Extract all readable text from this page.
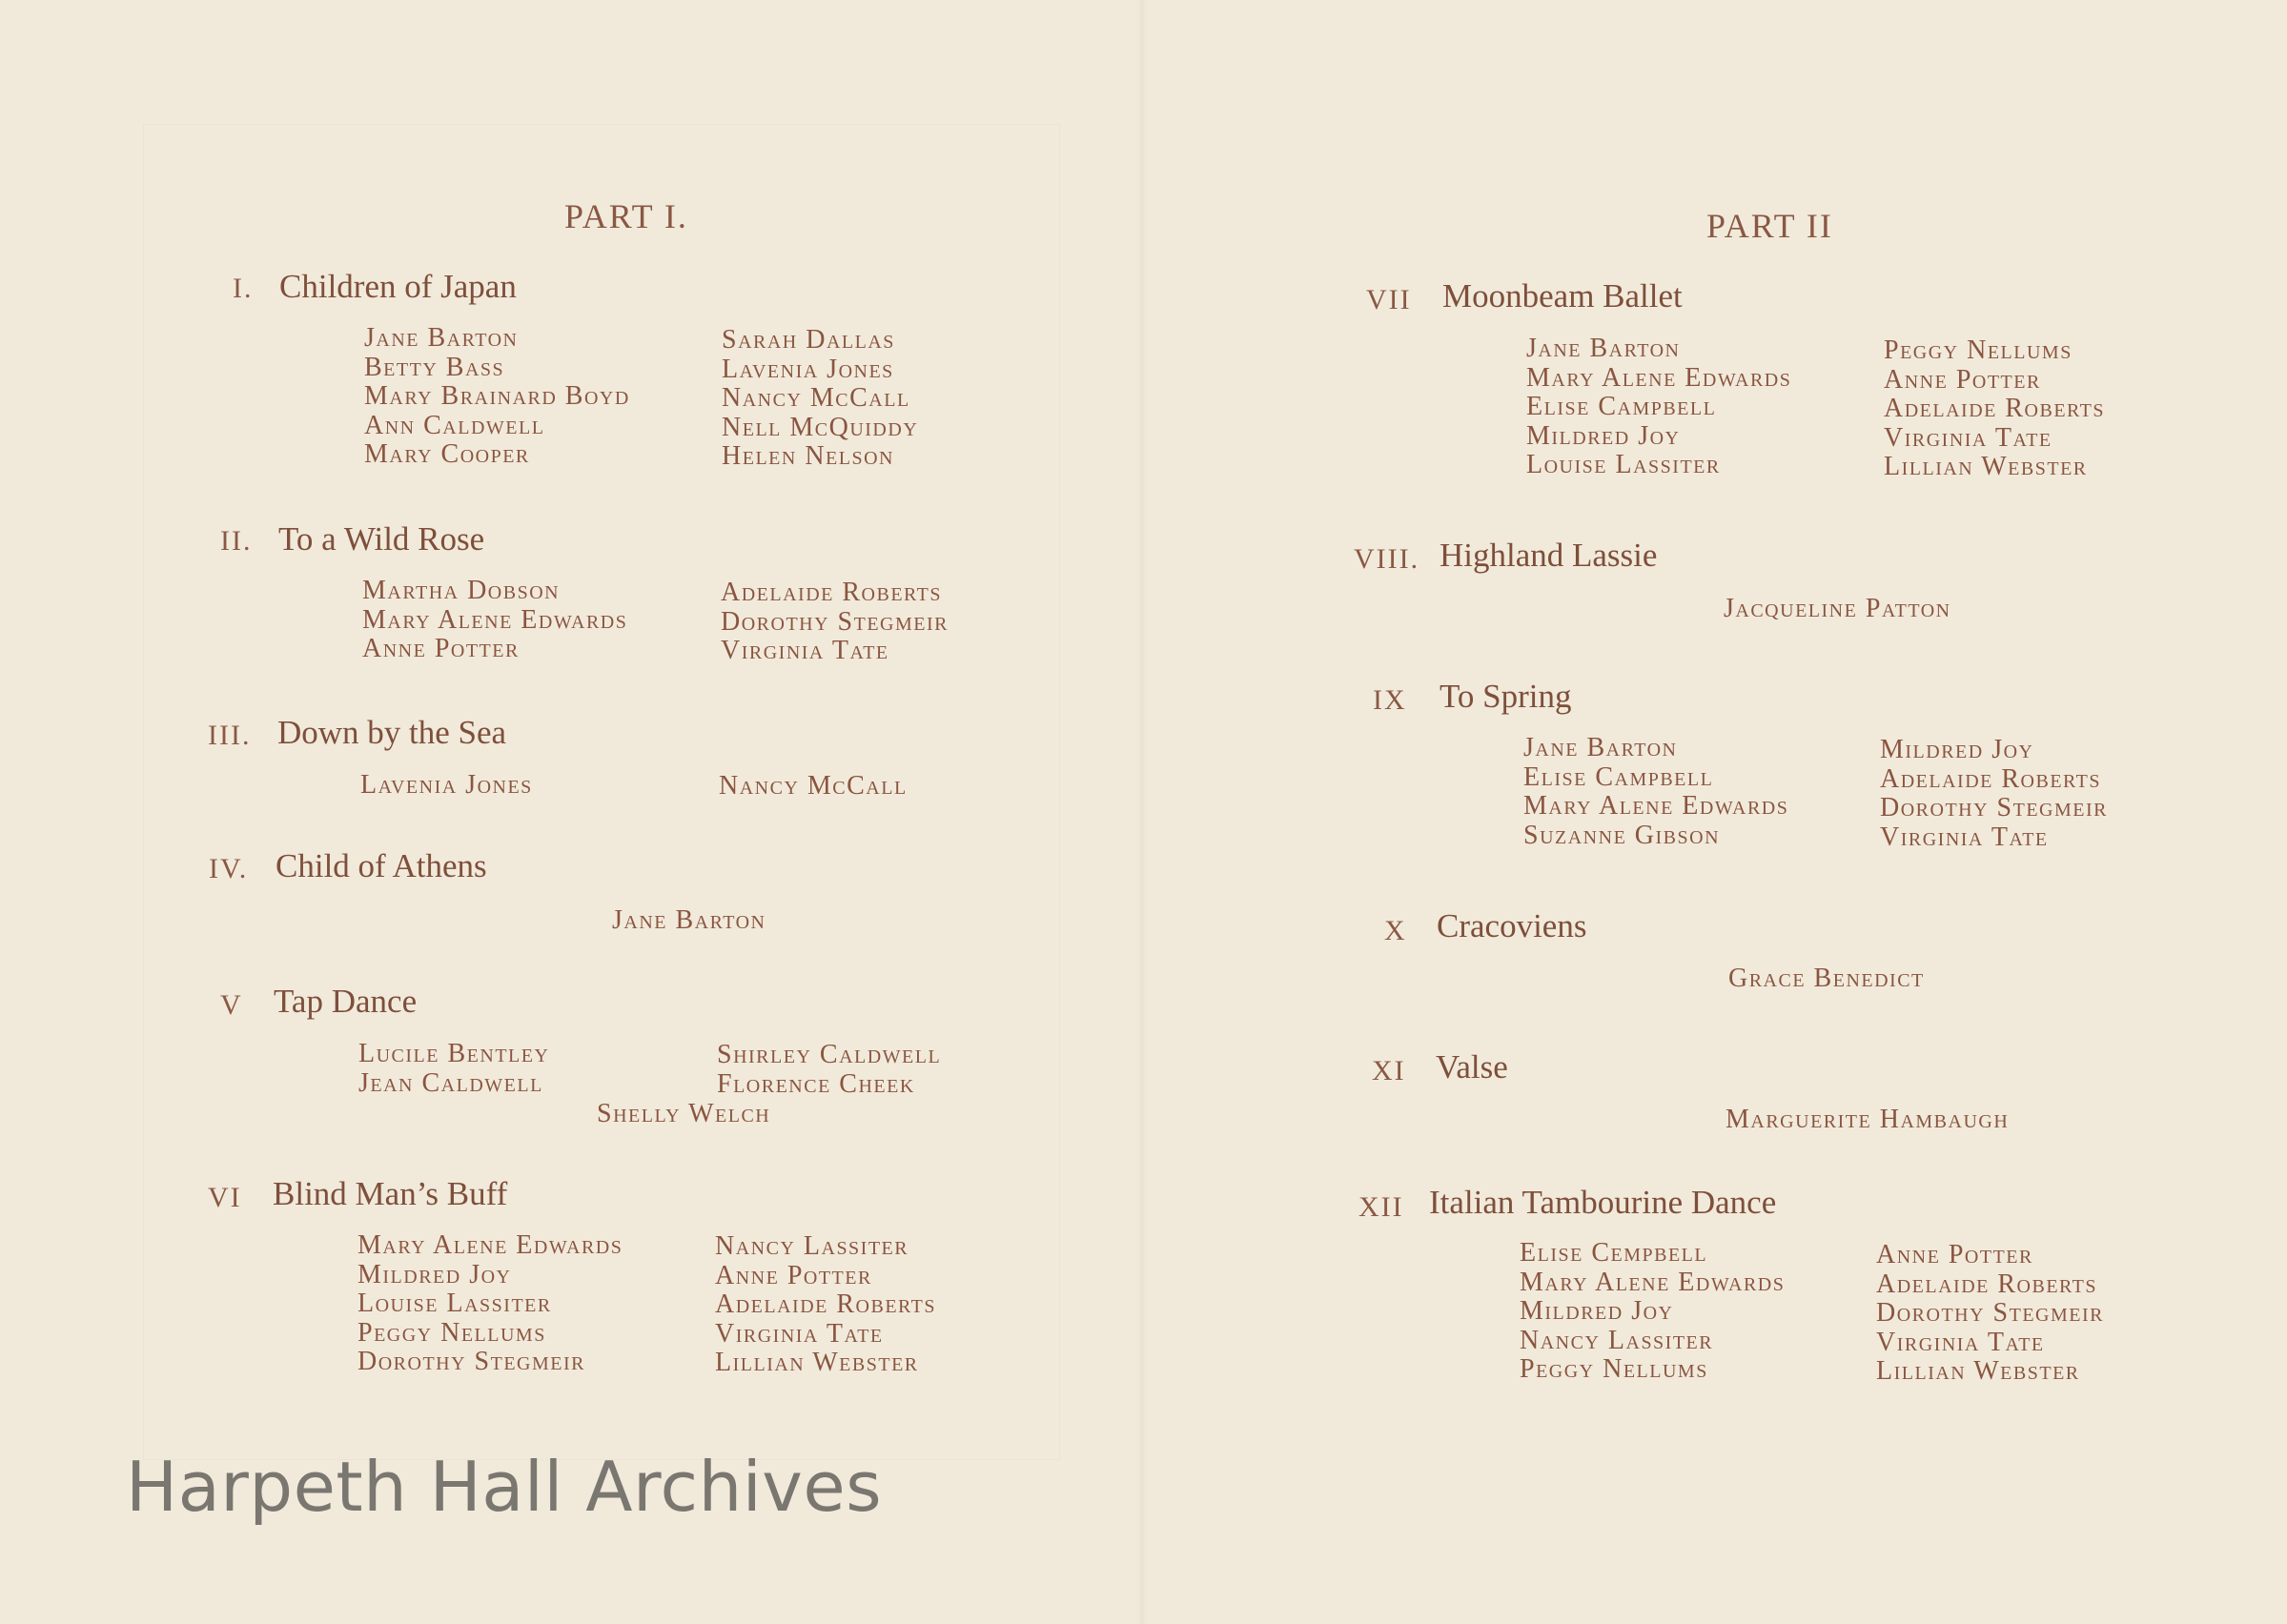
PART I.
I. Children of Japan
Jane Barton
Betty Bass
Mary Brainard Boyd
Ann Caldwell
Mary Cooper
Sarah Dallas
Lavenia Jones
Nancy McCall
Nell McQuiddy
Helen Nelson
II. To a Wild Rose
Martha Dobson
Mary Alene Edwards
Anne Potter
Adelaide Roberts
Dorothy Stegmeir
Virginia Tate
III. Down by the Sea
Lavenia Jones	Nancy McCall
IV. Child of Athens
Jane Barton
V Tap Dance
Lucile Bentley
Jean Caldwell
Shirley Caldwell
Florence Cheek
Shelly Welch
VI Blind Man’s Buff
Mary Alene Edwards
Mildred Joy
Louise Lassiter
Peggy Nellums
Dorothy Stegmeir
Nancy Lassiter
Anne Potter
Adelaide Roberts
Virginia Tate
Lillian Webster
PART II
VII Moonbeam Ballet
Jane Barton
Mary Alene Edwards
Elise Campbell
Mildred Joy
Louise Lassiter
Peggy Nellums
Anne Potter
Adelaide Roberts
Virginia Tate
Lillian Webster
VIII. Highland Lassie
Jacqueline Patton
IX To Spring
Jane Barton
Elise Campbell
Mary Alene Edwards
Suzanne Gibson
Mildred Joy
Adelaide Roberts
Dorothy Stegmeir
Virginia Tate
X Cracoviens
Grace Benedict
XI Valse
Marguerite Hambaugh
XII Italian Tambourine Dance
Elise Cempbell
Mary Alene Edwards
Mildred Joy
Nancy Lassiter
Peggy Nellums
Anne Potter
Adelaide Roberts
Dorothy Stegmeir
Virginia Tate
Lillian Webster
Harpeth Hall Archives
